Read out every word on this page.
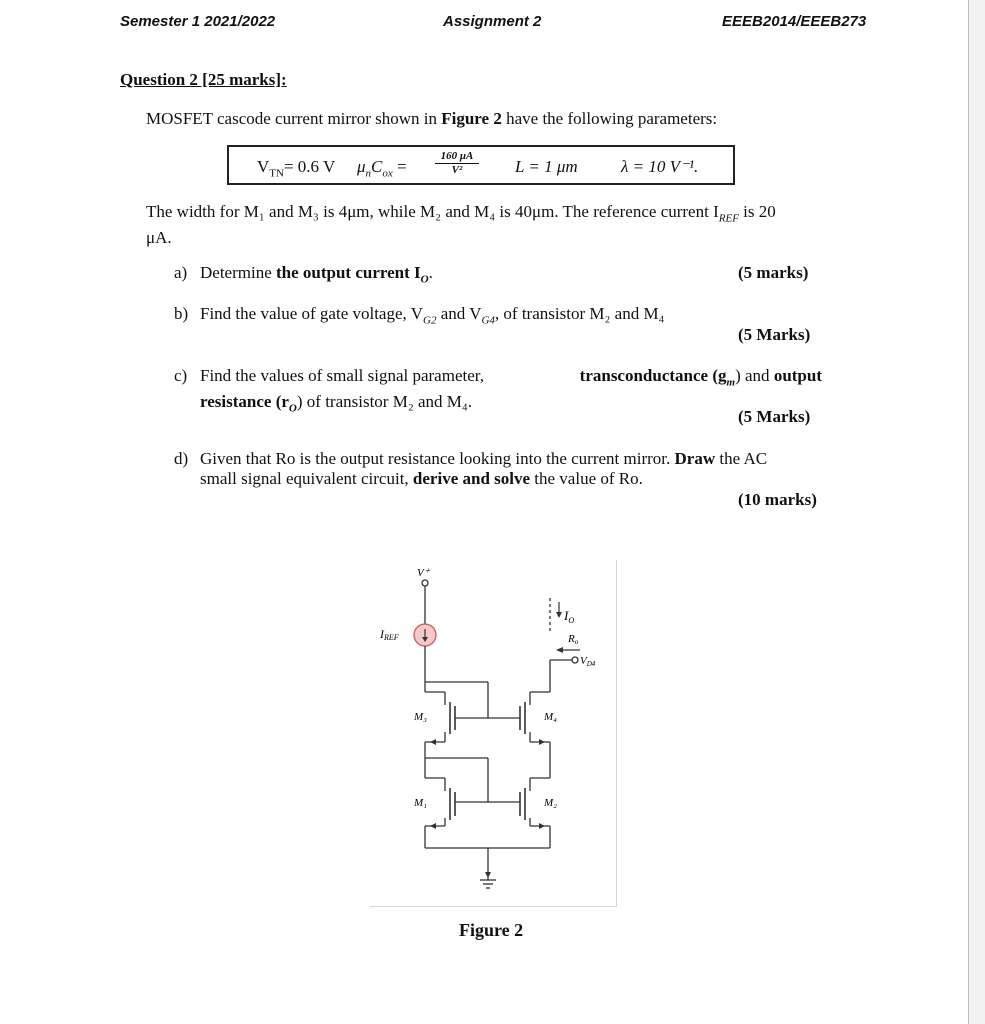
Semester 1 2021/2022	Assignment 2	EEEB2014/EEEB273
Question 2 [25 marks]:
MOSFET cascode current mirror shown in Figure 2 have the following parameters:
$V_{TN}= 0.6$ V $\mu_nC_{ox}$ =	$\frac{160 \mu A}{\text{V²}}$ L = 1 μm	λ = 10 V⁻¹.
The width for M₁ and M₃ is 4μm, while M₂ and M₄ is 40μm. The reference current $I_{REF}$ is 20
μA.
a) Determine the output current $I_O$.	(5 marks)
b) Find the value of gate voltage, $V_{G2}$ and $V_{G4}$, of transistor M₂ and M₄
(5 Marks)
c) Find the values of small signal parameter,	transconductance $(g_m)$ and output
resistance $(r_O)$ of transistor M₂ and M₄.
(5 Marks)
d) Given that Ro is the output resistance looking into the current mirror. Draw the AC
small signal equivalent circuit, derive and solve the value of Ro.
(10 marks)
V⁺
IREF
$I_O$
Ro
VD4
M₃
M₁
M₄
M₂
Figure 2
